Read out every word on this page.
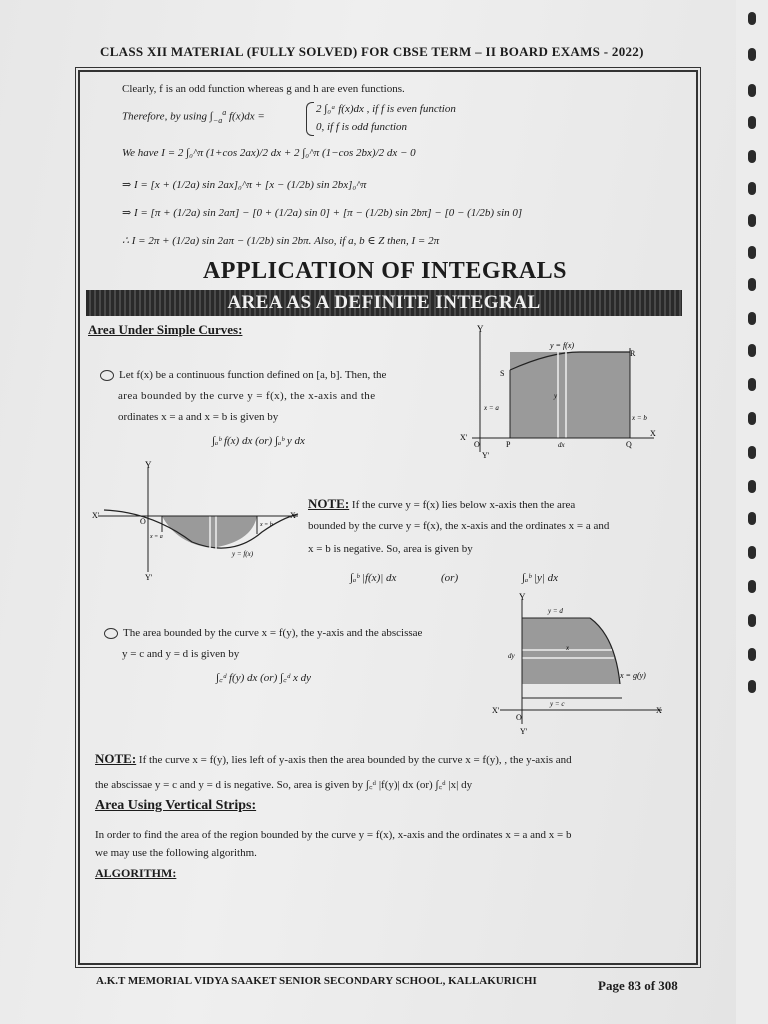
CLASS XII MATERIAL (FULLY SOLVED) FOR CBSE TERM – II BOARD EXAMS - 2022)
Clearly, f is an odd function whereas g and h are even functions.
Therefore, by using $\int_{-a}^a$ f(x)dx =
2 ∫₀ᵃ f(x)dx , if f is even function
0, if f is odd function
We have I = 2 ∫₀^π (1+cos 2ax)/2 dx + 2 ∫₀^π (1−cos 2bx)/2 dx − 0
⇒ I = [x + (1/2a) sin 2ax]₀^π + [x − (1/2b) sin 2bx]₀^π
⇒ I = [π + (1/2a) sin 2aπ] − [0 + (1/2a) sin 0] + [π − (1/2b) sin 2bπ] − [0 − (1/2b) sin 0]
∴ I = 2π + (1/2a) sin 2aπ − (1/2b) sin 2bπ. Also, if a, b ∈ Z then, I = 2π
APPLICATION OF INTEGRALS
AREA AS A DEFINITE INTEGRAL
Area Under Simple Curves:
Let f(x) be a continuous function defined on [a, b]. Then, the
area bounded by the curve y = f(x), the x-axis and the
ordinates x = a and x = b is given by
∫ₐᵇ f(x) dx (or) ∫ₐᵇ y dx
Y
y = f(x)
R
S
x = a
x = b
y
X'
O	P	dx	Q
X
Y'
Y
X'	X
O
x = a
x = b
y = f(x)
Y'
NOTE: If the curve y = f(x) lies below x-axis then the area
bounded by the curve y = f(x), the x-axis and the ordinates x = a and
x = b is negative. So, area is given by
∫ₐᵇ |f(x)| dx	(or)	∫ₐᵇ |y| dx
Y
y = d
dy
x
x = g(y)
y = c
X'
O
X
Y'
The area bounded by the curve x = f(y), the y-axis and the abscissae
y = c and y = d is given by
∫꜀ᵈ f(y) dx (or) ∫꜀ᵈ x dy
NOTE: If the curve x = f(y), lies left of y-axis then the area bounded by the curve x = f(y), , the y-axis and
the abscissae y = c and y = d is negative. So, area is given by ∫꜀ᵈ |f(y)| dx (or) ∫꜀ᵈ |x| dy
Area Using Vertical Strips:
In order to find the area of the region bounded by the curve y = f(x), x-axis and the ordinates x = a and x = b
we may use the following algorithm.
ALGORITHM:
A.K.T MEMORIAL VIDYA SAAKET SENIOR SECONDARY SCHOOL, KALLAKURICHI	Page 83 of 308
